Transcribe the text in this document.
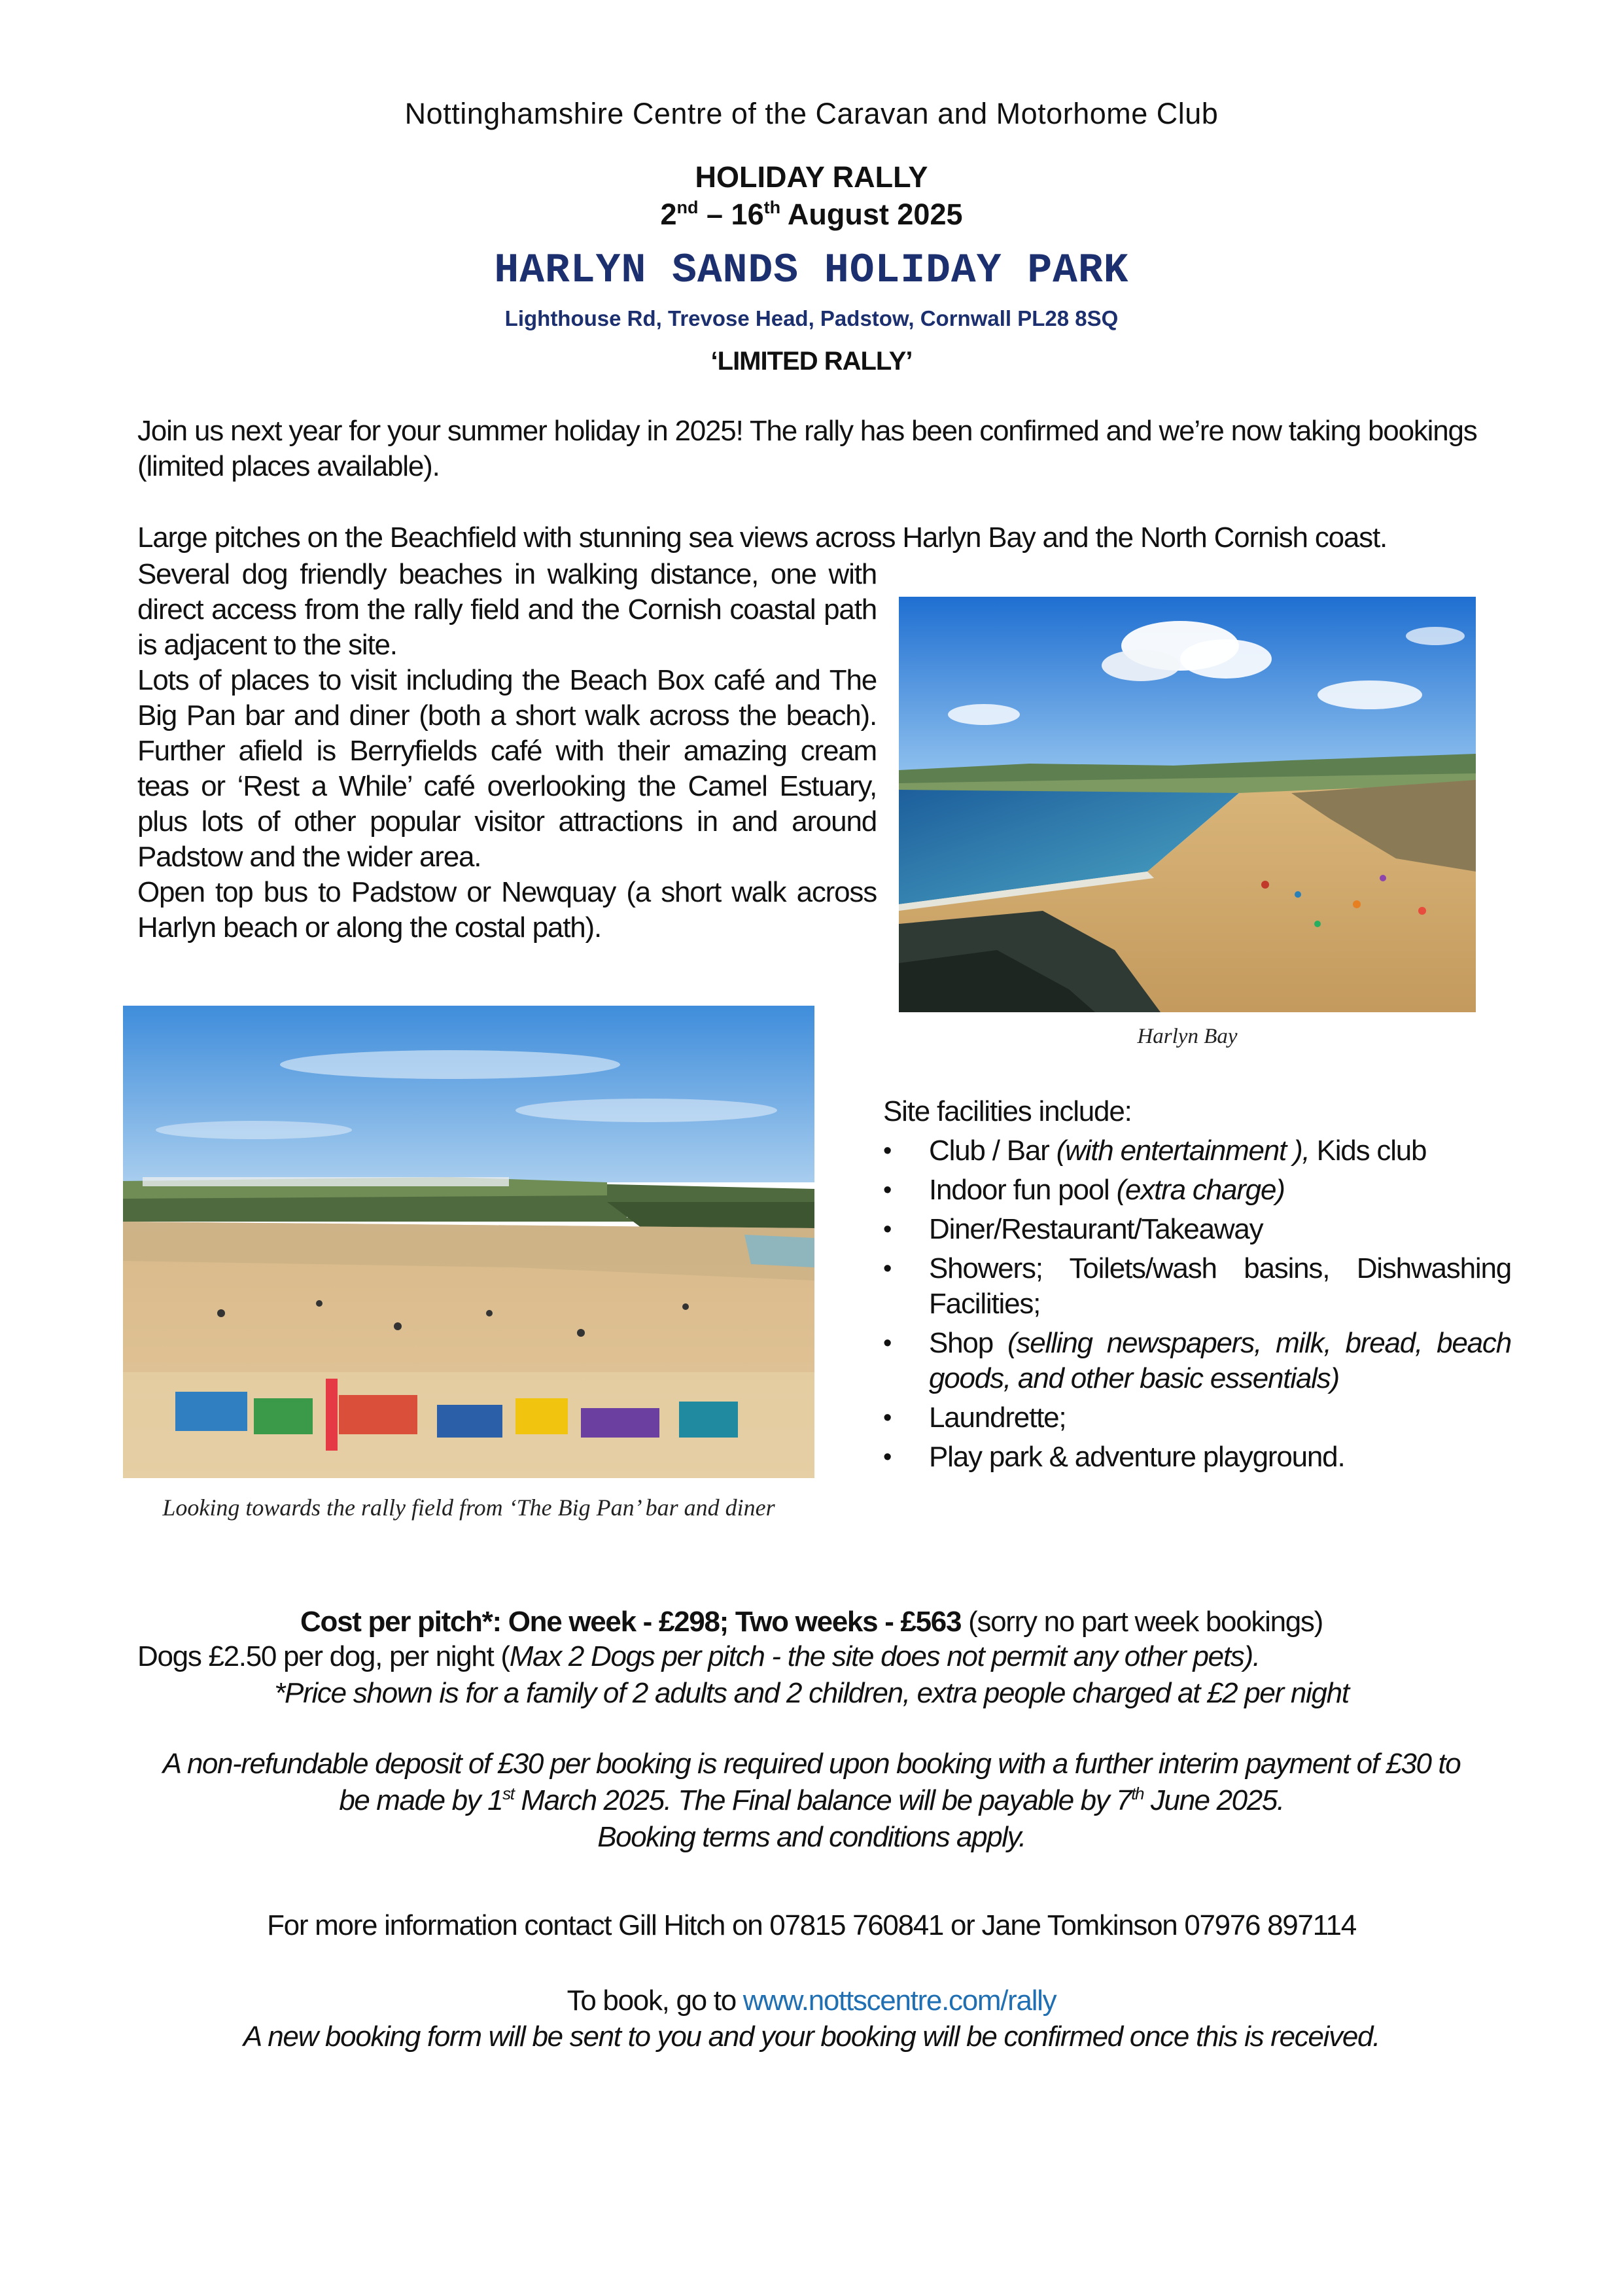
Nottinghamshire Centre of the Caravan and Motorhome Club
HOLIDAY RALLY
2nd – 16th August 2025
HARLYN SANDS HOLIDAY PARK
Lighthouse Rd, Trevose Head, Padstow, Cornwall PL28 8SQ
‘LIMITED RALLY’
Join us next year for your summer holiday in 2025! The rally has been confirmed and we’re now taking bookings (limited places available).
Large pitches on the Beachfield with stunning sea views across Harlyn Bay and the North Cornish coast.

Several dog friendly beaches in walking distance, one with direct access from the rally field and the Cornish coastal path is adjacent to the site.

Lots of places to visit including the Beach Box café and The Big Pan bar and diner (both a short walk across the beach). Further afield is Berryfields café with their amazing cream teas or ‘Rest a While’ café overlooking the Camel Estuary, plus lots of other popular visitor attractions in and around Padstow and the wider area.

Open top bus to Padstow or Newquay (a short walk across Harlyn beach or along the costal path).

Harlyn Bay
Looking towards the rally field from ‘The Big Pan’ bar and diner

Site facilities include:

• Club / Bar (with entertainment ), Kids club
• Indoor fun pool (extra charge)
• Diner/Restaurant/Takeaway
• Showers; Toilets/wash basins, Dishwashing Facilities;
• Shop (selling newspapers, milk, bread, beach goods, and other basic essentials)
• Laundrette;
• Play park & adventure playground.
Cost per pitch*: One week - £298; Two weeks - £563 (sorry no part week bookings)
Dogs £2.50 per dog, per night (Max 2 Dogs per pitch - the site does not permit any other pets).
*Price shown is for a family of 2 adults and 2 children, extra people charged at £2 per night
A non-refundable deposit of £30 per booking is required upon booking with a further interim payment of £30 to
be made by 1st March 2025. The Final balance will be payable by 7th June 2025.
Booking terms and conditions apply.
For more information contact Gill Hitch on 07815 760841 or Jane Tomkinson 07976 897114
To book, go to www.nottscentre.com/rally
A new booking form will be sent to you and your booking will be confirmed once this is received.
